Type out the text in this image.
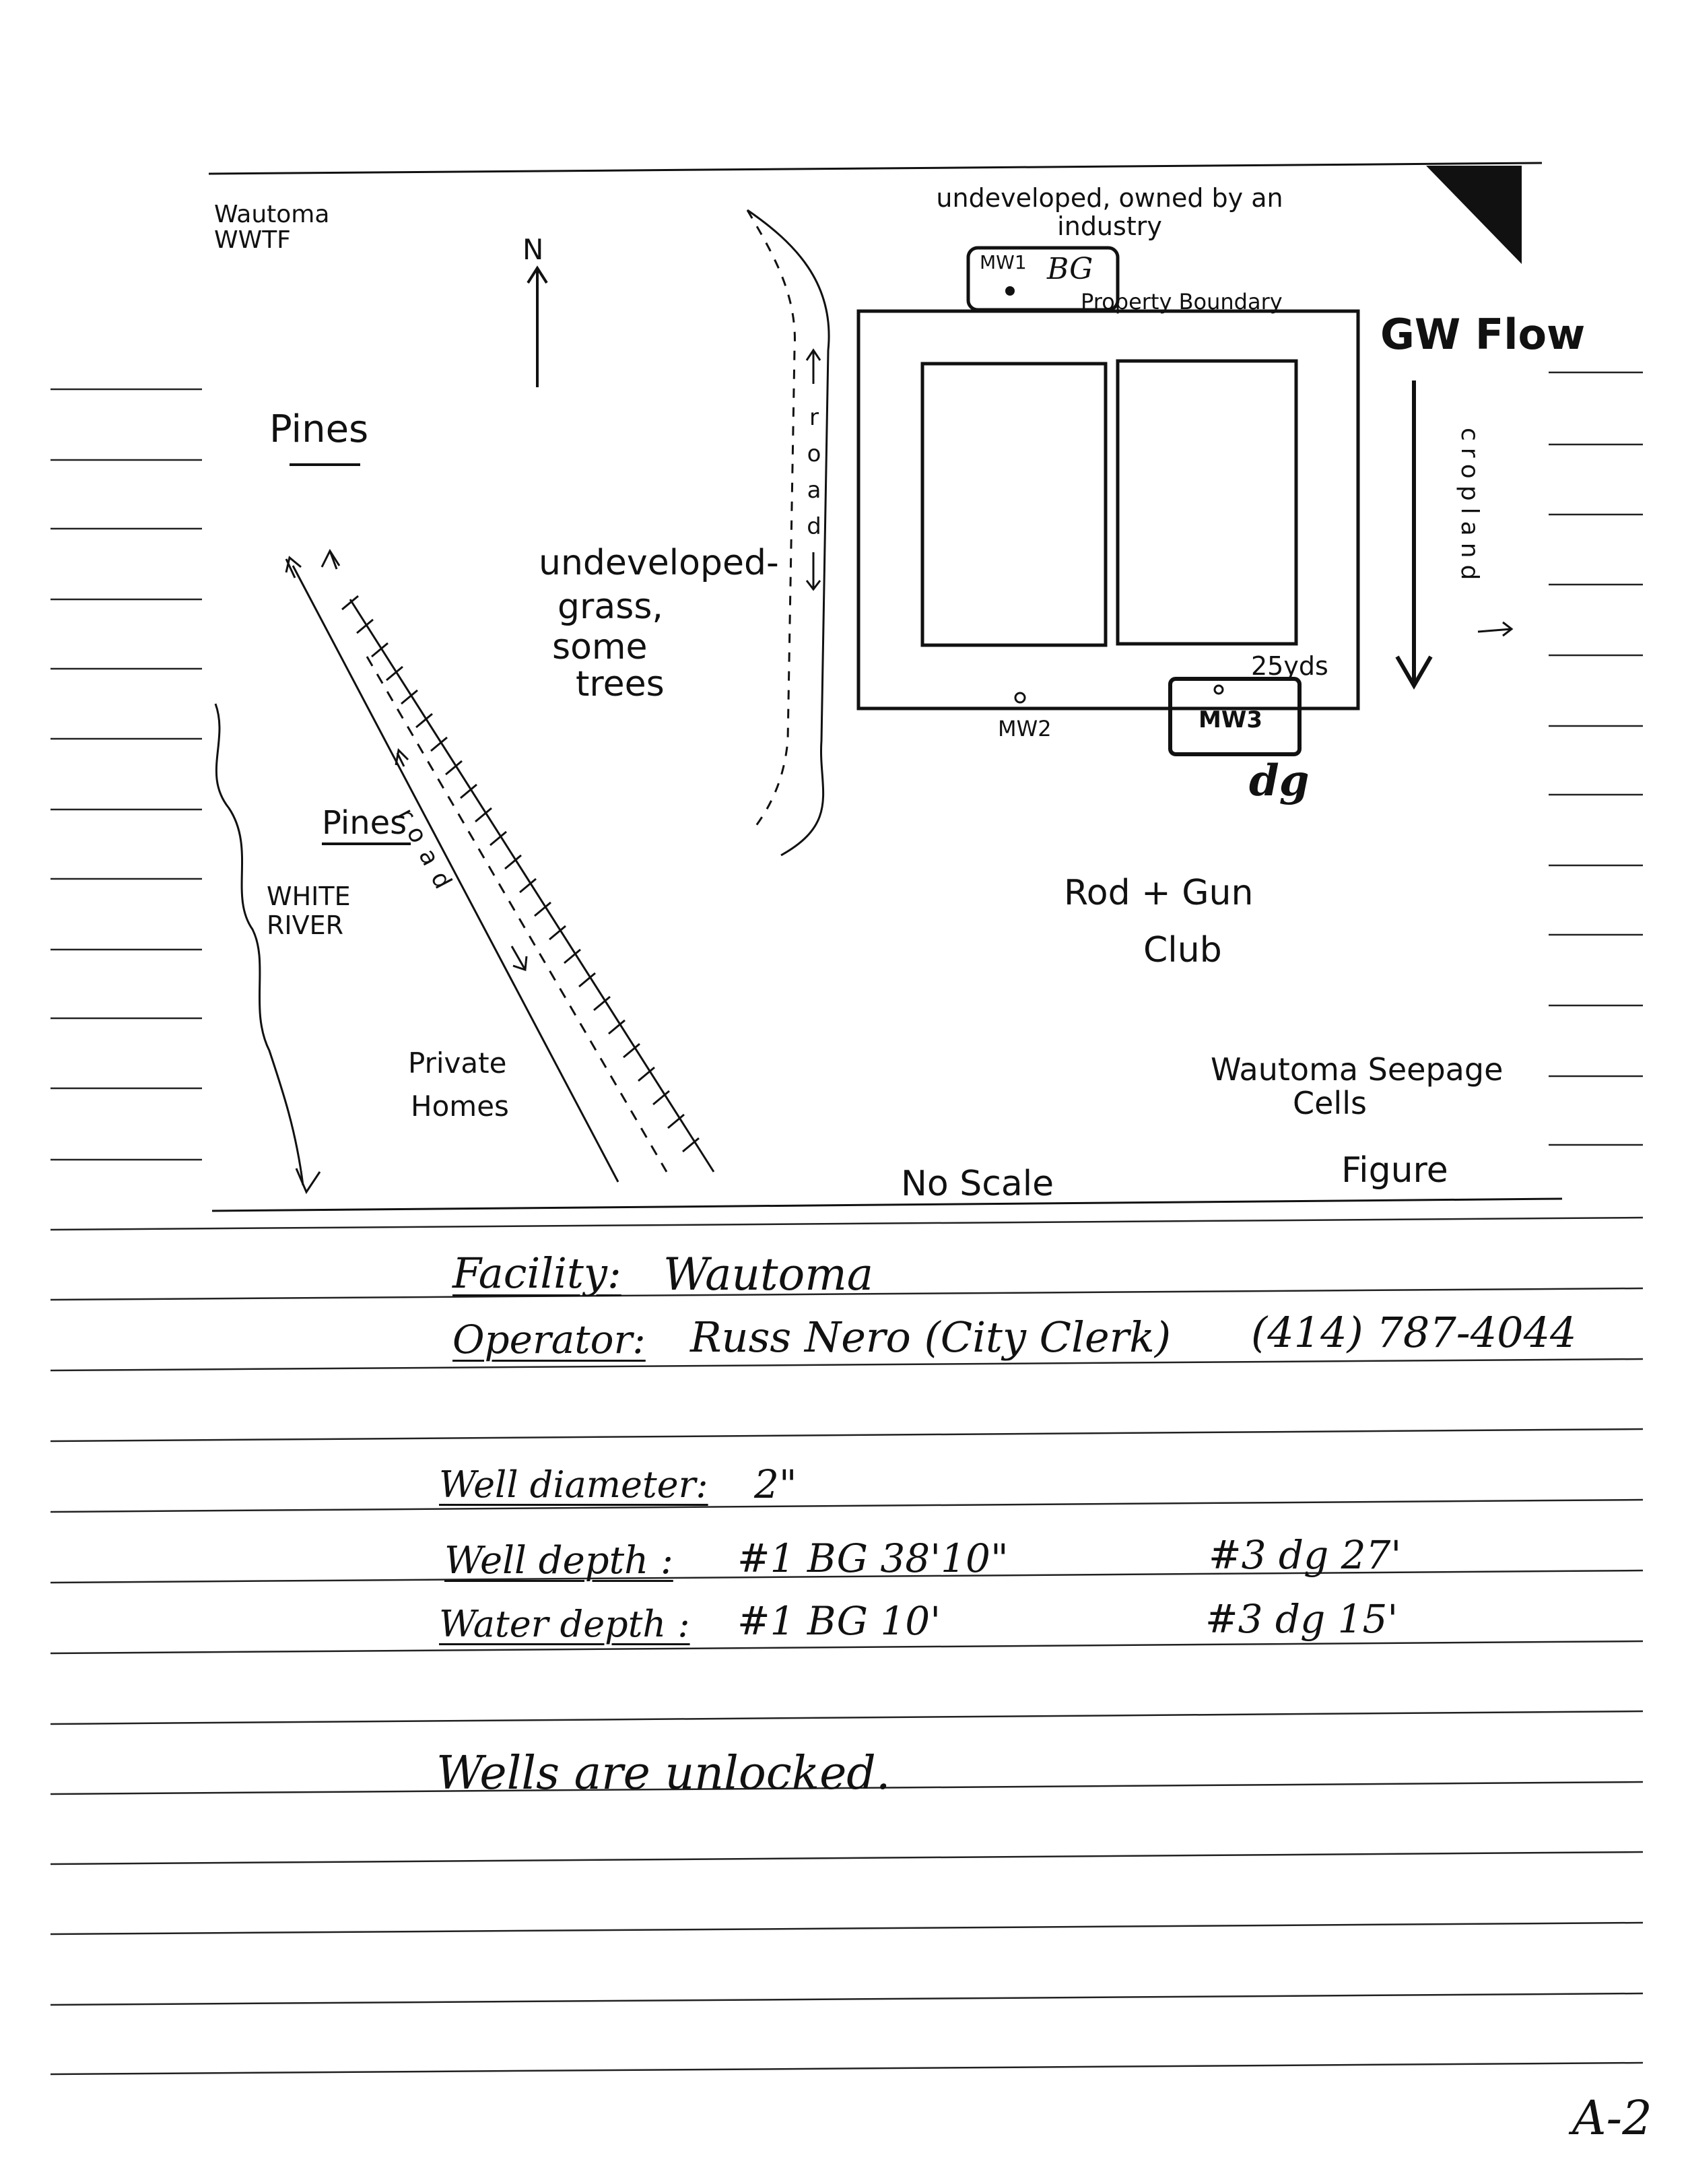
Wautoma WWTF	N
Pines
undeveloped, owned by an industry
MW1 BG
Property Boundary
GW Flow
cropland
road
undeveloped-
grass,
some
trees	25yds
MW2	MW3
dg
Pines
road
WHITE
RIVER
Rod + Gun
Club
Private
Homes
Wautoma Seepage
Cells
No Scale	Figure
Facility: Wautoma
Operator: Russ Nero (City Clerk) (414) 787-4044
Well diameter: 2"
Well depth : #1 BG 38'10"	#3 dg 27'
Water depth : #1 BG 10'	#3 dg 15'
Wells are unlocked.
A-2
